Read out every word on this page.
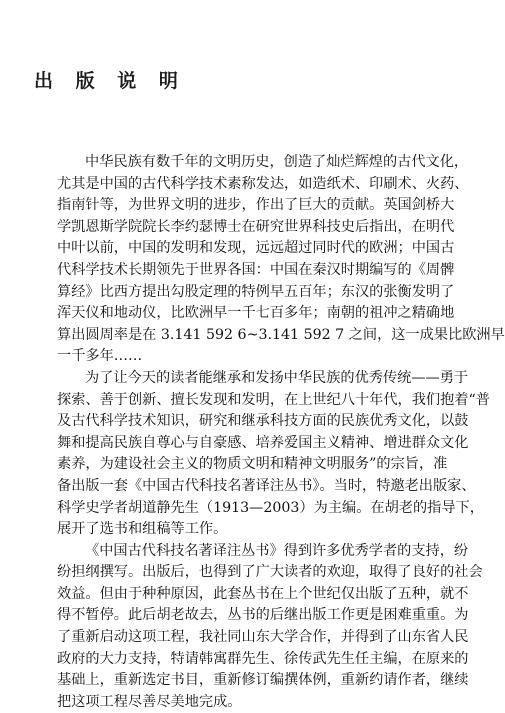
出 版 说 明
中华民族有数千年的文明历史，创造了灿烂辉煌的古代文化，
尤其是中国的古代科学技术素称发达，如造纸术、印刷术、火药、
指南针等，为世界文明的进步，作出了巨大的贡献。英国剑桥大
学凯恩斯学院院长李约瑟博士在研究世界科技史后指出，在明代
中叶以前，中国的发明和发现，远远超过同时代的欧洲；中国古
代科学技术长期领先于世界各国：中国在秦汉时期编写的《周髀
算经》比西方提出勾股定理的特例早五百年；东汉的张衡发明了
浑天仪和地动仪，比欧洲早一千七百多年；南朝的祖冲之精确地
算出圆周率是在 3.141 592 6~3.141 592 7 之间，这一成果比欧洲早
一千多年……
为了让今天的读者能继承和发扬中华民族的优秀传统——勇于
探索、善于创新、擅长发现和发明，在上世纪八十年代，我们抱着“普
及古代科学技术知识，研究和继承科技方面的民族优秀文化，以鼓
舞和提高民族自尊心与自豪感、培养爱国主义精神、增进群众文化
素养，为建设社会主义的物质文明和精神文明服务”的宗旨，准
备出版一套《中国古代科技名著译注丛书》。当时，特邀老出版家、
科学史学者胡道静先生（1913—2003）为主编。在胡老的指导下，
展开了选书和组稿等工作。
《中国古代科技名著译注丛书》得到许多优秀学者的支持，纷
纷担纲撰写。出版后，也得到了广大读者的欢迎，取得了良好的社会
效益。但由于种种原因，此套丛书在上个世纪仅出版了五种，就不
得不暂停。此后胡老故去，丛书的后继出版工作更是困难重重。为
了重新启动这项工程，我社同山东大学合作，并得到了山东省人民
政府的大力支持，特请韩寓群先生、徐传武先生任主编，在原来的
基础上，重新选定书目，重新修订编撰体例，重新约请作者，继续
把这项工程尽善尽美地完成。
